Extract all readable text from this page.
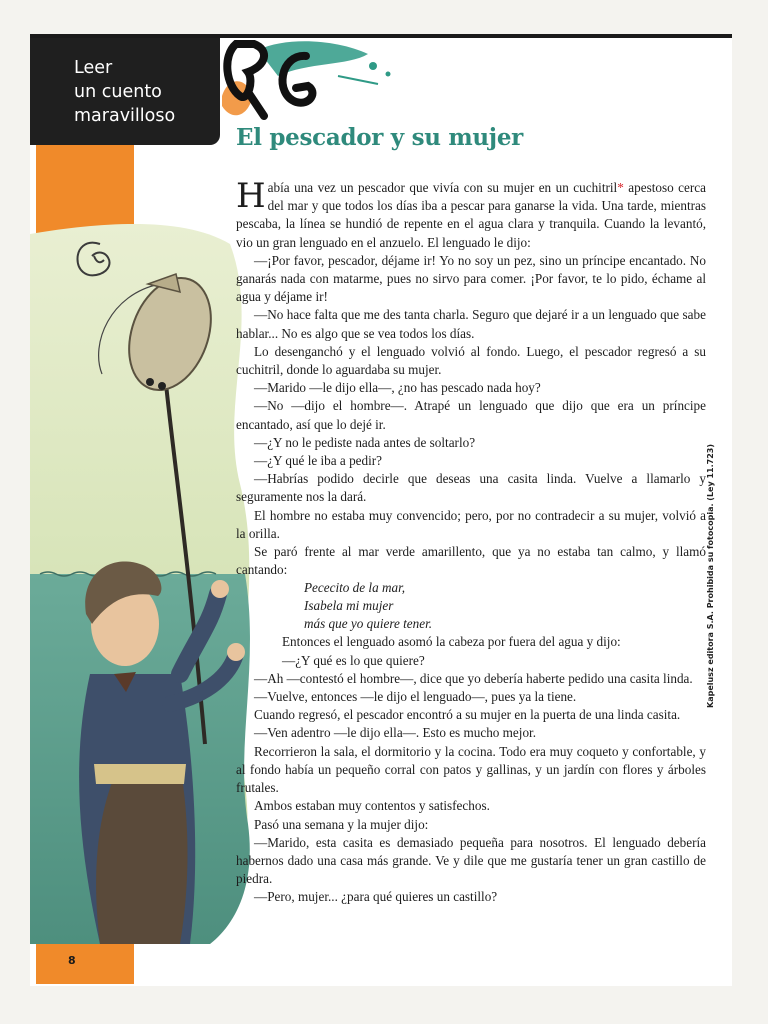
Leer
un cuento
maravilloso
El pescador y su mujer
8
Kapelusz editora S.A. Prohibida su fotocopia. (Ley 11.723)

Había una vez un pescador que vivía con su mujer en un cuchitril* apestoso cerca del mar y que todos los días iba a pescar para ganarse la vida. Una tarde, mientras pescaba, la línea se hundió de repente en el agua clara y tranquila. Cuando la levantó, vio un gran lenguado en el anzuelo. El lenguado le dijo:

—¡Por favor, pescador, déjame ir! Yo no soy un pez, sino un príncipe encantado. No ganarás nada con matarme, pues no sirvo para comer. ¡Por favor, te lo pido, échame al agua y déjame ir!

—No hace falta que me des tanta charla. Seguro que dejaré ir a un lenguado que sabe hablar... No es algo que se vea todos los días.

Lo desenganchó y el lenguado volvió al fondo. Luego, el pescador regresó a su cuchitril, donde lo aguardaba su mujer.

—Marido —le dijo ella—, ¿no has pescado nada hoy?

—No —dijo el hombre—. Atrapé un lenguado que dijo que era un príncipe encantado, así que lo dejé ir.

—¿Y no le pediste nada antes de soltarlo?

—¿Y qué le iba a pedir?

—Habrías podido decirle que deseas una casita linda. Vuelve a llamarlo y seguramente nos la dará.

El hombre no estaba muy convencido; pero, por no contradecir a su mujer, volvió a la orilla.

Se paró frente al mar verde amarillento, que ya no estaba tan calmo, y llamó cantando:

Pececito de la mar,

Isabela mi mujer

más que yo quiere tener.

Entonces el lenguado asomó la cabeza por fuera del agua y dijo:

—¿Y qué es lo que quiere?

—Ah —contestó el hombre—, dice que yo debería haberte pedido una casita linda.

—Vuelve, entonces —le dijo el lenguado—, pues ya la tiene.

Cuando regresó, el pescador encontró a su mujer en la puerta de una linda casita.

—Ven adentro —le dijo ella—. Esto es mucho mejor.

Recorrieron la sala, el dormitorio y la cocina. Todo era muy coqueto y confortable, y al fondo había un pequeño corral con patos y gallinas, y un jardín con flores y árboles frutales.

Ambos estaban muy contentos y satisfechos.

Pasó una semana y la mujer dijo:

—Marido, esta casita es demasiado pequeña para nosotros. El lenguado debería habernos dado una casa más grande. Ve y dile que me gustaría tener un gran castillo de piedra.

—Pero, mujer... ¿para qué quieres un castillo?
